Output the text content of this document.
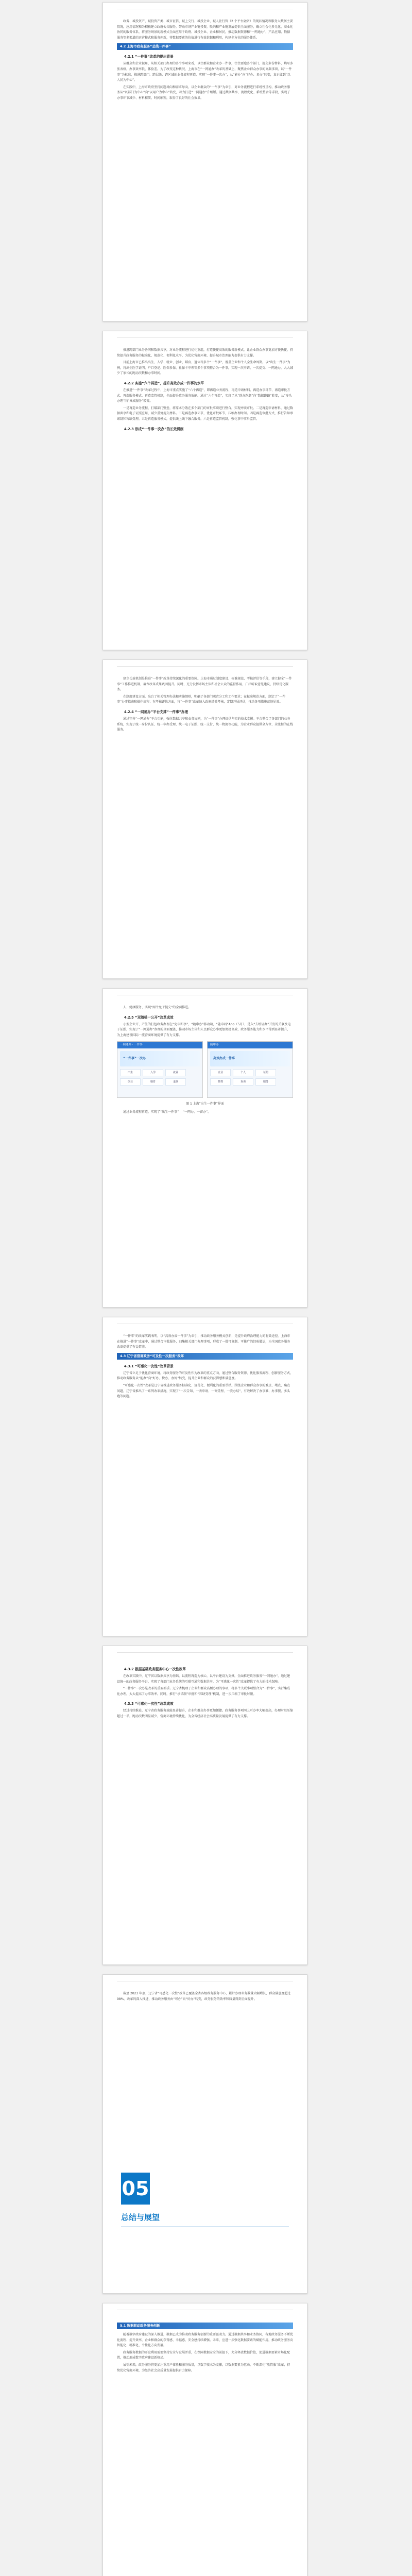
政务、城投资产、城投资产类、城市征信、城上交行、城投企业、城人社行管（2 个平台融资）的现状情况和服务大数据主要情况，应用情况和为积极建立政府公共服务，带动市场产业链投资，吸纳和产业链发展提供全面服务，确立社会化多元化、商业化协同的服务体系，将服务场景的新模式全面应用于政府、城投企业、企业和居民，推动数据资源和“一网通办”，产品应用、数据服务等多渠道的运营模式和服务创新，将数据要素的价值进行有效挖掘和利用，构建全方位的服务体系。
4.2 上海市政务服务“总线一件事”
4.2.1 “一件事”改革的提出背景
从群众和企业视角，从相关部门办理的多个事项来看，以往群众和企业办一件事，往往要跑多个部门、提交多份材料、填写多张表格，办事效率低、体验差。为了改变这种状况，上海市在“一网通办”改革的基础上，聚焦企业群众办事的高频事项，以“一件事”为标准，推进跨部门、跨层级、跨区域的业务流程再造，实现“一件事一次办”，从“能办”向“好办、易办”转变，真正做到“以人民为中心”。
在实践中，上海市政府坚持问题导向和需求导向，以企业群众的“一件事”为牵引，对业务流程进行系统性重构，推动政务服务从“以部门为中心”向“以用户为中心”转变，着力打造“一网通办”升级版。通过数据共享、流程优化、系统整合等手段，实现了办事环节减少、材料精简、时间缩短，取得了良好的社会效果。
推进跨部门业务协同和数据共享，对业务流程进行优化重组，打造便捷高效的服务新模式，让企业群众办事更加方便快捷，持续提升政务服务的标准化、规范化、便利化水平，为优化营商环境、提升城市治理能力提供有力支撑。
目前上海市已推出出生、入学、就业、创业、婚育、退休等多个“一件事”，覆盖企业和个人全生命周期。以“出生一件事”为例，将出生医学证明、户口登记、医保参保、社保卡申领等多个事项整合为一件事，实现一次申请、一次提交、一网通办，大大减少了家长的跑动次数和办事时间。
4.2.2 实施“六个再造”，提升高效办成一件事的水平
在推进“一件事”改革过程中，上海市重点实施了“六个再造”，即再造业务流程、再造申请材料、再造办事环节、再造审批方式、再造服务模式、再造监管机制，全面提升政务服务效能。通过“六个再造”，实现了从“群众跑腿”向“数据跑路”转变，从“多头办理”向“集成服务”转变。
一是再造业务流程，打破部门壁垒，将原本分散在多个部门的审批事项进行整合，实现并联审批。二是再造申请材料，通过数据共享和电子证照应用，减少重复提交材料。三是再造办事环节，优化审批环节，压缩办理时间。四是再造审批方式，推行告知承诺制和容缺受理。五是再造服务模式，提供线上线下融合服务。六是再造监管机制，强化事中事后监管。
4.2.3 形成“一件事一次办”的长效机制
建立长效机制是推进“一件事”改革持续深化的重要保障。上海市通过制度建设、标准规范、考核评估等手段，建立健全“一件事”工作推进机制，确保改革成果巩固提升。同时，充分发挥市场主体和社会公众的监督作用，广泛听取意见建议，持续优化服务。
在制度建设方面，出台了相关管理办法和实施细则，明确了各部门职责分工和工作要求；在标准规范方面，制定了“一件事”办事指南和操作规程；在考核评估方面，将“一件事”改革纳入政府绩效考核，定期开展评估，推动各项措施落地见效。
4.2.4 “一网通办”平台支撑“一件事”办理
通过完善“一网通办”平台功能，强化数据共享和业务协同，为“一件事”办理提供坚实的技术支撑。平台整合了各部门的业务系统，实现了统一身份认证、统一申办受理、统一电子证照、统一支付、统一物流等功能，为企业群众提供全方位、全流程的在线服务。
人、健康服务、实现“两个免于提交”的全面推进。
4.2.5 “双随机一公开”改革成效
小型企业开、产生的打包政务办理在“免申即享”，“随申办”移动端，“随申码”App（5月），是入“去纸证办”开发的关联及电子证照，实现了“一网通办”办理的全面覆盖，推动市场主体和人民群众办事更加便捷高效，政务服务能力和水平得到显著提升，为上海建设国际一流营商环境提供了有力支撑。
一网通办 · 一件事
“一件事”一次办
出生	入学	就业
创业	婚育	退休
随申办
高效办成一件事
企业	个人	证照
缴费	查询	服务
图 1 上海“出生一件事”界面
通过业务流程再造，实现了“出生一件事”    “一网办、一窗办”。
“一件事”的改革实践表明，以“高效办成一件事”为牵引，推动政务服务模式创新，是提升政府治理能力的有效途径。上海市在推进“一件事”改革中，通过整合审批服务，归集相关部门办理事项，形成了一批可复制、可推广的经验做法，为全国政务服务改革提供了有益借鉴。
4.3 辽宁省营商政务“可及性一次服务”改革
4.3.1 “可感化一次性”改革背景
辽宁省立足于优化营商环境，将政务服务的可及性作为改革的重点方向，通过整合服务资源、优化服务流程、创新服务方式，推动政务服务从“能办”向“好办、快办、办好”转变，提升企业和群众的获得感和满意度。
“可感化一次性”改革是辽宁省推进政务服务标准化、规范化、便利化的重要举措。围绕企业和群众办事的难点、堵点、痛点问题，辽宁省推出了一系列改革措施，实现了“一次告知、一表申请、一窗受理、一次办结”，有效解决了办事难、办事慢、多头跑等问题。
4.3.2 数据基础政务服务中心一次性改革
在改革实践中，辽宁省以数据共享为基础，以流程再造为核心，以平台建设为支撑，全面推进政务服务“一网通办”。通过建设统一的政务服务平台，实现了各部门业务系统的互联互通和数据共享，为“可感化一次性”改革提供了有力的技术保障。
“一件事”一次办是改革的重要抓手。辽宁省梳理了企业和群众高频办理的事项，将多个关联事项整合为“一件事”，实行集成化办理，大大提高了办事效率。同时，推行“承诺制”审批和“容缺受理”机制，进一步压缩了审批时限。
4.3.3 “可感化一次性”改革成效
经过持续推进，辽宁省政务服务效能显著提升，企业和群众办事更加便捷。政务服务事项网上可办率大幅提高，办理时限压缩超过一半，跑动次数明显减少，营商环境持续优化，为全省经济社会高质量发展提供了有力支撑。
截至 2023 年底，辽宁省“可感化一次性”改革已覆盖全省各级政务服务中心，累计办理业务数量大幅增长，群众满意度超过 98%。改革的深入推进，推动政务服务由“可办”向“好办”转变，政务服务的效率和质量得到全面提升。
05
总结与展望
5.1 数据驱动政务服务创新
随着数字政府建设的深入推进，数据已成为推动政务服务创新的重要驱动力。通过数据共享和业务协同，各地政务服务不断优化流程、提升效率，企业和群众的获得感、幸福感、安全感持续增强。未来，应进一步强化数据要素的赋能作用，推动政务服务向智能化、精准化、个性化方向发展。
政务服务数据的开发利用需要坚持安全与发展并重，在保障数据安全的前提下，充分释放数据价值，促进数据要素市场化配置，推动形成数字政府建设新格局。
展望未来，政务服务将更加注重用户体验和服务质量，以数字技术为支撑，以数据要素为驱动，不断深化“放管服”改革，持续优化营商环境，为经济社会高质量发展提供有力保障。
